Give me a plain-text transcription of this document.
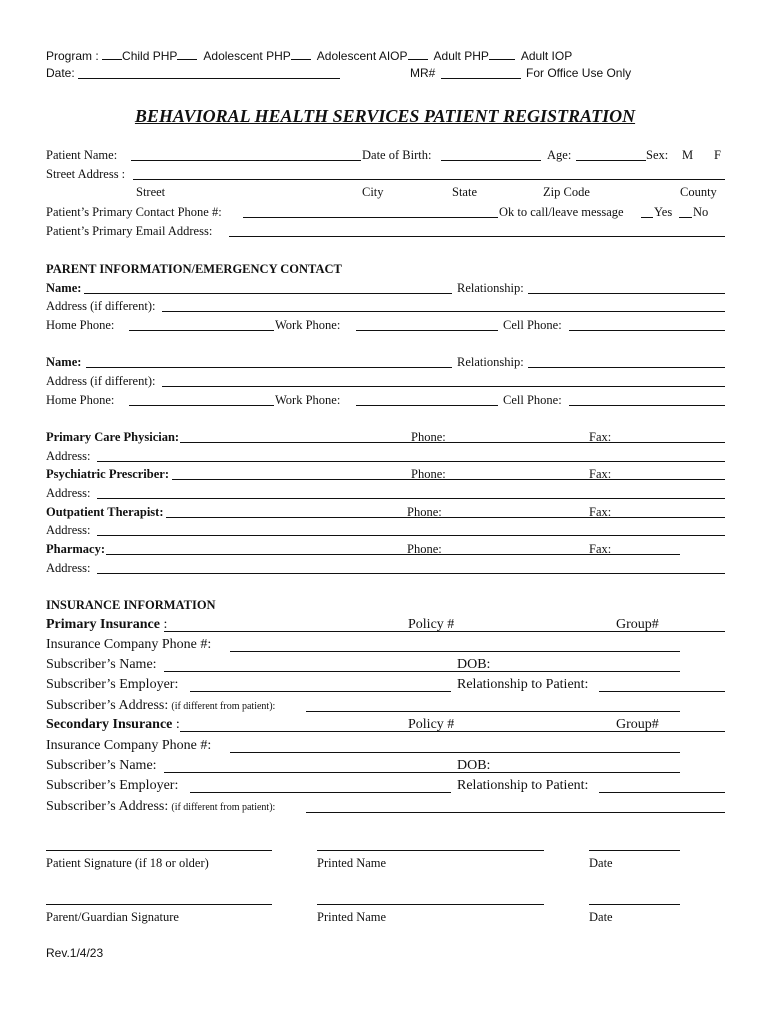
Program : Child PHP Adolescent PHP Adolescent AIOP Adult PHP	Adult IOP
Date:	MR#	For Office Use Only
BEHAVIORAL HEALTH SERVICES PATIENT REGISTRATION
Patient Name:	Date of Birth:	Age:	Sex: M F
Street Address :
Street	City	State	Zip Code	County
Patient’s Primary Contact Phone #:	Ok to call/leave message Yes No
Patient’s Primary Email Address:
PARENT INFORMATION/EMERGENCY CONTACT
Name:	Relationship:
Address (if different):
Home Phone:	Work Phone:	Cell Phone:
Name:	Relationship:
Address (if different):
Home Phone:	Work Phone:	Cell Phone:
Primary Care Physician:	Phone:	Fax:
Address:
Psychiatric Prescriber:	Phone:	Fax:
Address:
Outpatient Therapist:	Phone:	Fax:
Address:
Pharmacy:	Phone:	Fax:
Address:
INSURANCE INFORMATION
Primary Insurance :	Policy #	Group#
Insurance Company Phone #:
Subscriber’s Name:	DOB:
Subscriber’s Employer:	Relationship to Patient:
Subscriber’s Address: (if different from patient):
Secondary Insurance :	Policy #	Group#
Insurance Company Phone #:
Subscriber’s Name:	DOB:
Subscriber’s Employer:	Relationship to Patient:
Subscriber’s Address: (if different from patient):
Patient Signature (if 18 or older)	Printed Name	Date
Parent/Guardian Signature	Printed Name	Date
Rev.1/4/23
